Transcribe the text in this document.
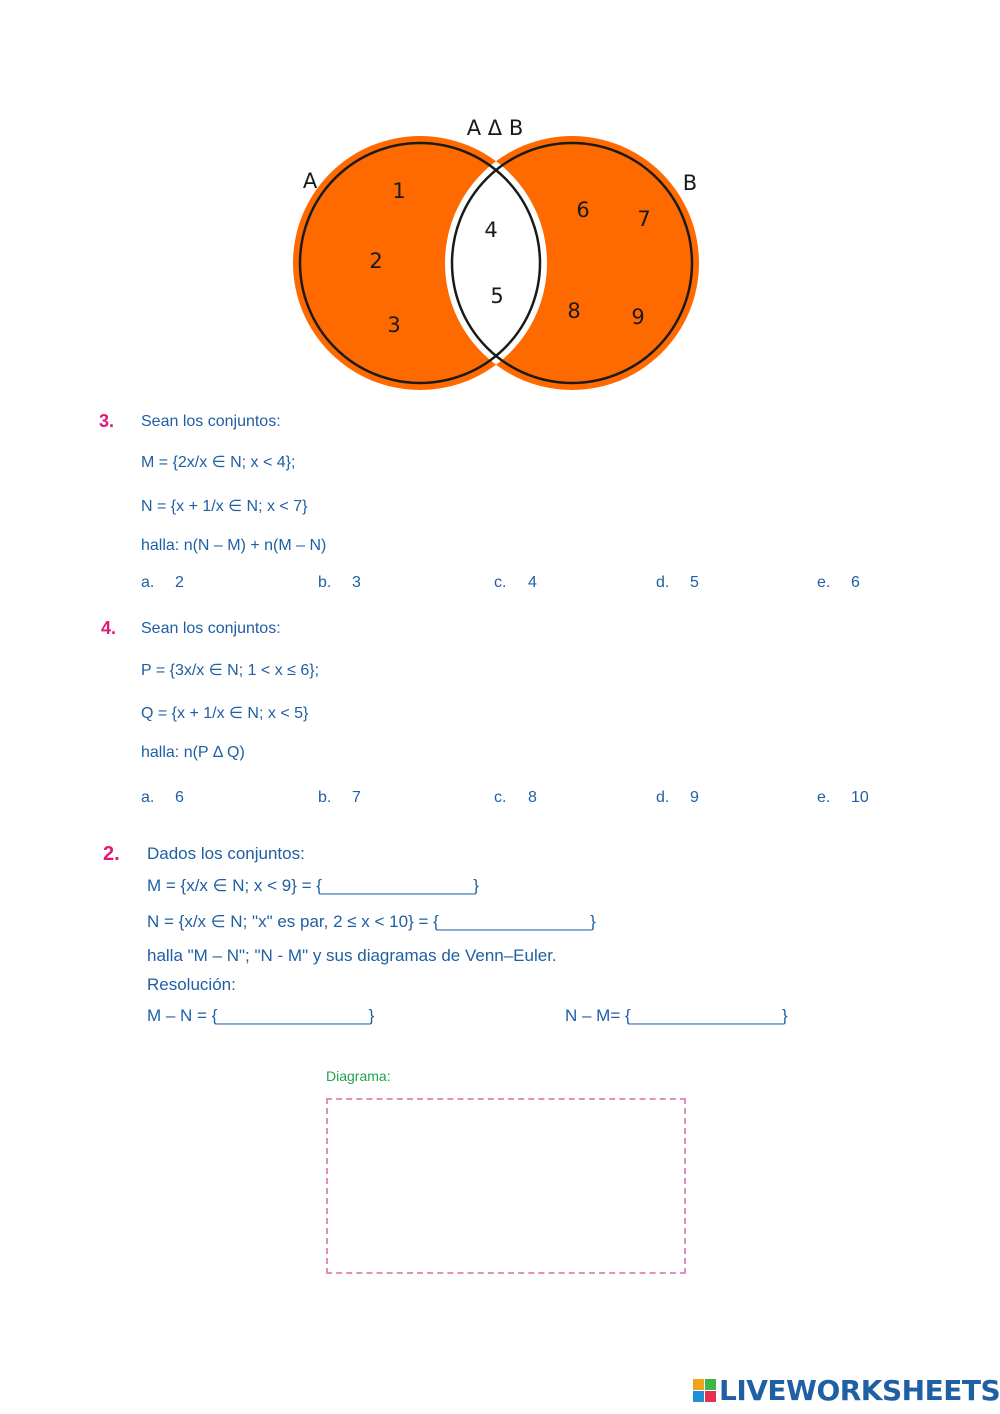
A Δ B
A	B
1
2
3
4
5
6 7
8 9
3. Sean los conjuntos:
M = {2x/x ∈ N; x < 4};
N = {x + 1/x ∈ N; x < 7}
halla: n(N – M) + n(M – N)
a. 2	b. 3	c. 4	d. 5	e. 6
4. Sean los conjuntos:
P = {3x/x ∈ N; 1 < x ≤ 6};
Q = {x + 1/x ∈ N; x < 5}
halla: n(P Δ Q)
a. 6	b. 7	c. 8	d. 9	e. 10
2. Dados los conjuntos:
M = {x/x ∈ N; x < 9} = {________________}
N = {x/x ∈ N; "x" es par, 2 ≤ x < 10} = {________________}
halla "M – N"; "N - M" y sus diagramas de Venn–Euler.
Resolución:
M – N = {________________}	N – M= {________________}
Diagrama:
LIVEWORKSHEETS
